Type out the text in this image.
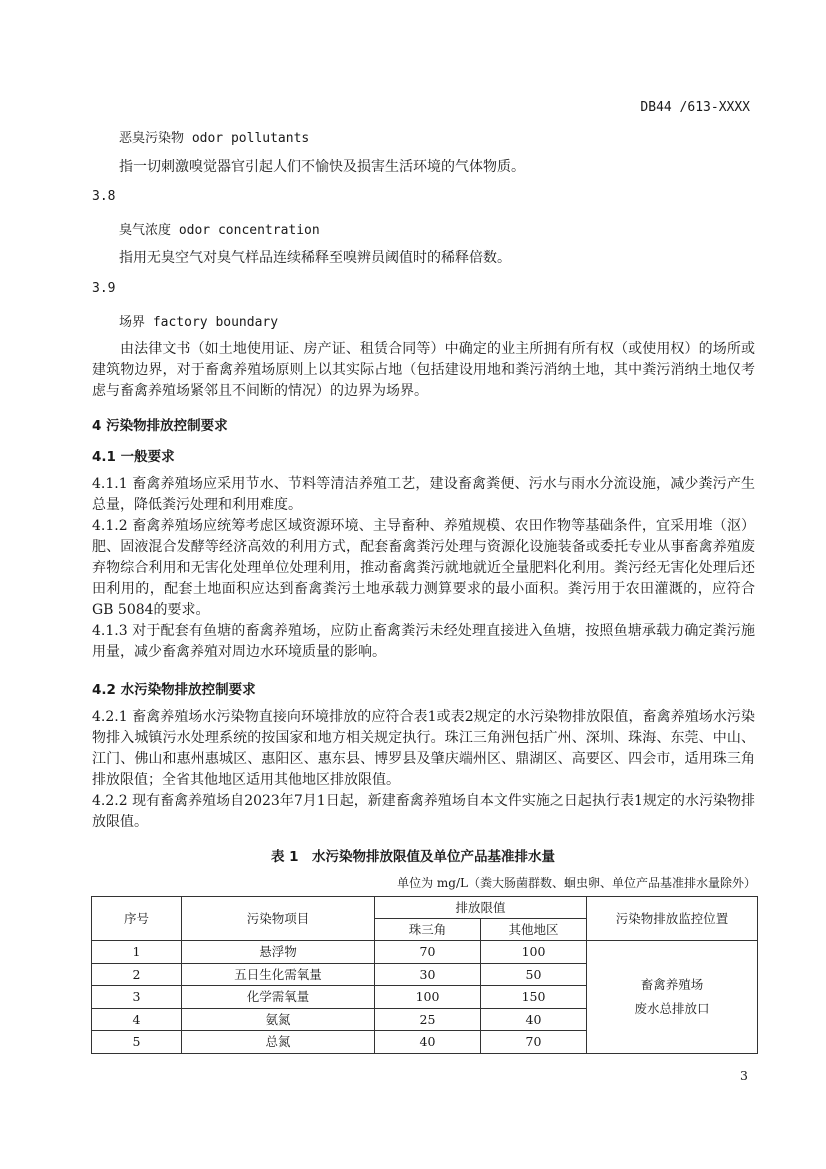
DB44 /613-XXXX
恶臭污染物 odor pollutants
指一切刺激嗅觉器官引起人们不愉快及损害生活环境的气体物质。
3.8
臭气浓度 odor concentration
指用无臭空气对臭气样品连续稀释至嗅辨员阈值时的稀释倍数。
3.9
场界 factory boundary
由法律文书（如土地使用证、房产证、租赁合同等）中确定的业主所拥有所有权（或使用权）的场所或建筑物边界，对于畜禽养殖场原则上以其实际占地（包括建设用地和粪污消纳土地，其中粪污消纳土地仅考虑与畜禽养殖场紧邻且不间断的情况）的边界为场界。
4 污染物排放控制要求
4.1 一般要求
4.1.1 畜禽养殖场应采用节水、节料等清洁养殖工艺，建设畜禽粪便、污水与雨水分流设施，减少粪污产生总量，降低粪污处理和利用难度。
4.1.2 畜禽养殖场应统筹考虑区域资源环境、主导畜种、养殖规模、农田作物等基础条件，宜采用堆（沤）肥、固液混合发酵等经济高效的利用方式，配套畜禽粪污处理与资源化设施装备或委托专业从事畜禽养殖废弃物综合利用和无害化处理单位处理利用，推动畜禽粪污就地就近全量肥料化利用。粪污经无害化处理后还田利用的，配套土地面积应达到畜禽粪污土地承载力测算要求的最小面积。粪污用于农田灌溉的，应符合GB 5084的要求。
4.1.3 对于配套有鱼塘的畜禽养殖场，应防止畜禽粪污未经处理直接进入鱼塘，按照鱼塘承载力确定粪污施用量，减少畜禽养殖对周边水环境质量的影响。
4.2 水污染物排放控制要求
4.2.1 畜禽养殖场水污染物直接向环境排放的应符合表1或表2规定的水污染物排放限值，畜禽养殖场水污染物排入城镇污水处理系统的按国家和地方相关规定执行。珠江三角洲包括广州、深圳、珠海、东莞、中山、江门、佛山和惠州惠城区、惠阳区、惠东县、博罗县及肇庆端州区、鼎湖区、高要区、四会市，适用珠三角排放限值；全省其他地区适用其他地区排放限值。
4.2.2 现有畜禽养殖场自2023年7月1日起，新建畜禽养殖场自本文件实施之日起执行表1规定的水污染物排放限值。
表 1　水污染物排放限值及单位产品基准排水量
单位为 mg/L（粪大肠菌群数、蛔虫卵、单位产品基准排水量除外）
序号	污染物项目	排放限值		污染物排放监控位置
		珠三角	其他地区	
1	悬浮物	70	100	畜禽养殖场
废水总排放口
2	五日生化需氧量	30	50	
3	化学需氧量	100	150	
4	氨氮	25	40	
5	总氮	40	70	
3
